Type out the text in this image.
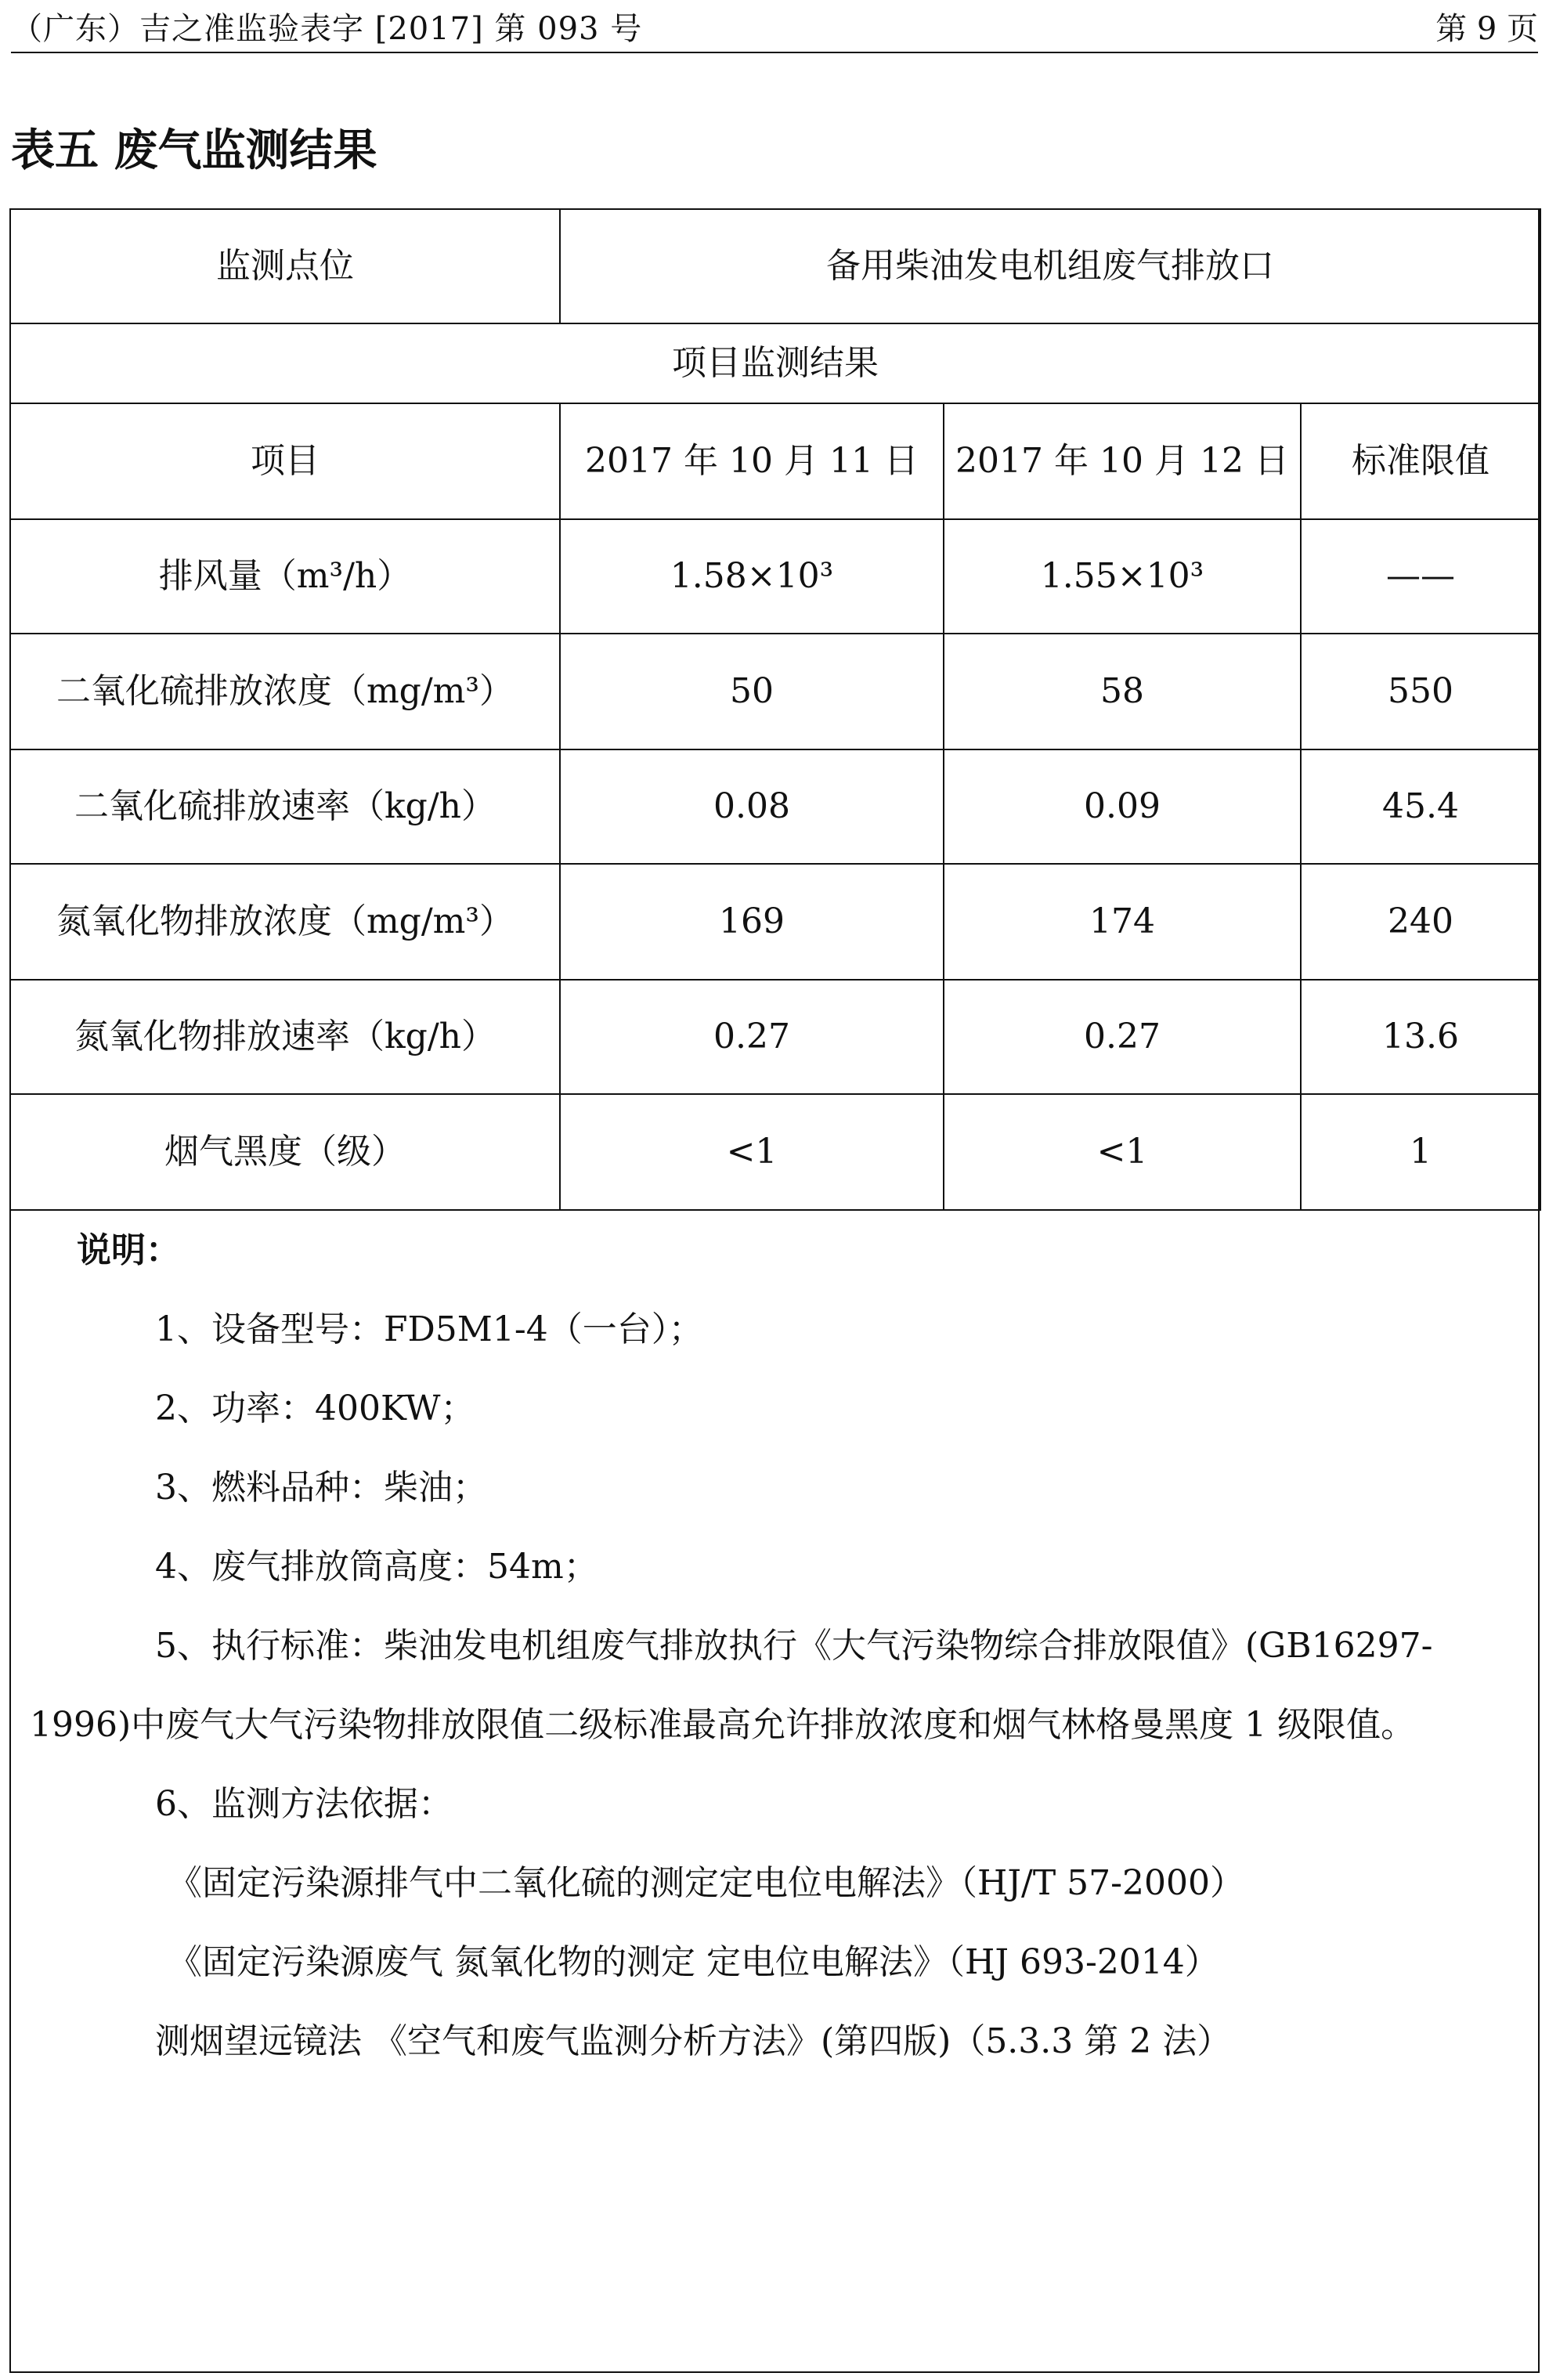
（广东）吉之准监验表字 [2017] 第 093 号	第 9 页
表五 废气监测结果
监测点位	备用柴油发电机组废气排放口		
项目监测结果			
项目	2017 年 10 月 11 日	2017 年 10 月 12 日	标准限值
排风量（m³/h）	1.58×10³	1.55×10³	——
二氧化硫排放浓度（mg/m³）	50	58	550
二氧化硫排放速率（kg/h）	0.08	0.09	45.4
氮氧化物排放浓度（mg/m³）	169	174	240
氮氧化物排放速率（kg/h）	0.27	0.27	13.6
烟气黑度（级）	<1	<1	1

说明：

1、设备型号：FD5M1-4（一台）；

2、功率：400KW；

3、燃料品种：柴油；

4、废气排放筒高度：54m；

5、执行标准：柴油发电机组废气排放执行《大气污染物综合排放限值》(GB16297-1996)中废气大气污染物排放限值二级标准最高允许排放浓度和烟气林格曼黑度 1 级限值。

6、监测方法依据：

《固定污染源排气中二氧化硫的测定定电位电解法》（HJ/T 57-2000）

《固定污染源废气 氮氧化物的测定 定电位电解法》（HJ 693-2014）

测烟望远镜法 《空气和废气监测分析方法》(第四版)（5.3.3 第 2 法）
